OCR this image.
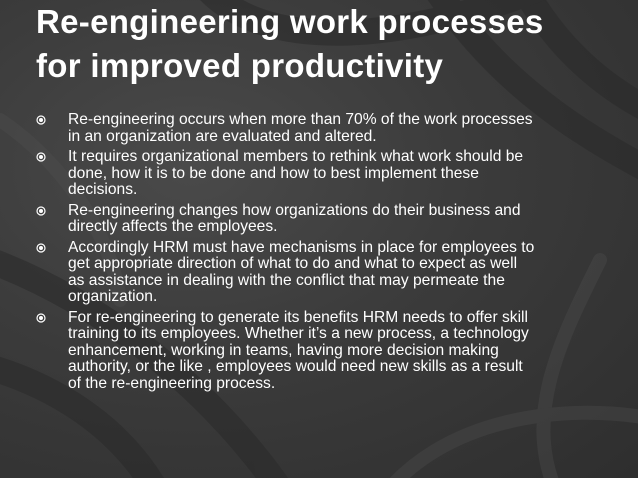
Re-engineering work processes for improved productivity
Re-engineering occurs when more than 70% of the work processes in an organization are evaluated and altered.
It requires organizational members to rethink what work should be done, how it is to be done and how to best implement these decisions.
Re-engineering changes how organizations do their business and directly affects the employees.
Accordingly HRM must have mechanisms in place for employees to get appropriate direction of what to do and what to expect as well as assistance in dealing with the conflict that may permeate the organization.
For re-engineering to generate its benefits HRM needs to offer skill training to its employees. Whether it’s a new process, a technology enhancement, working in teams, having more decision making authority, or the like , employees would need new skills as a result of the re-engineering process.
